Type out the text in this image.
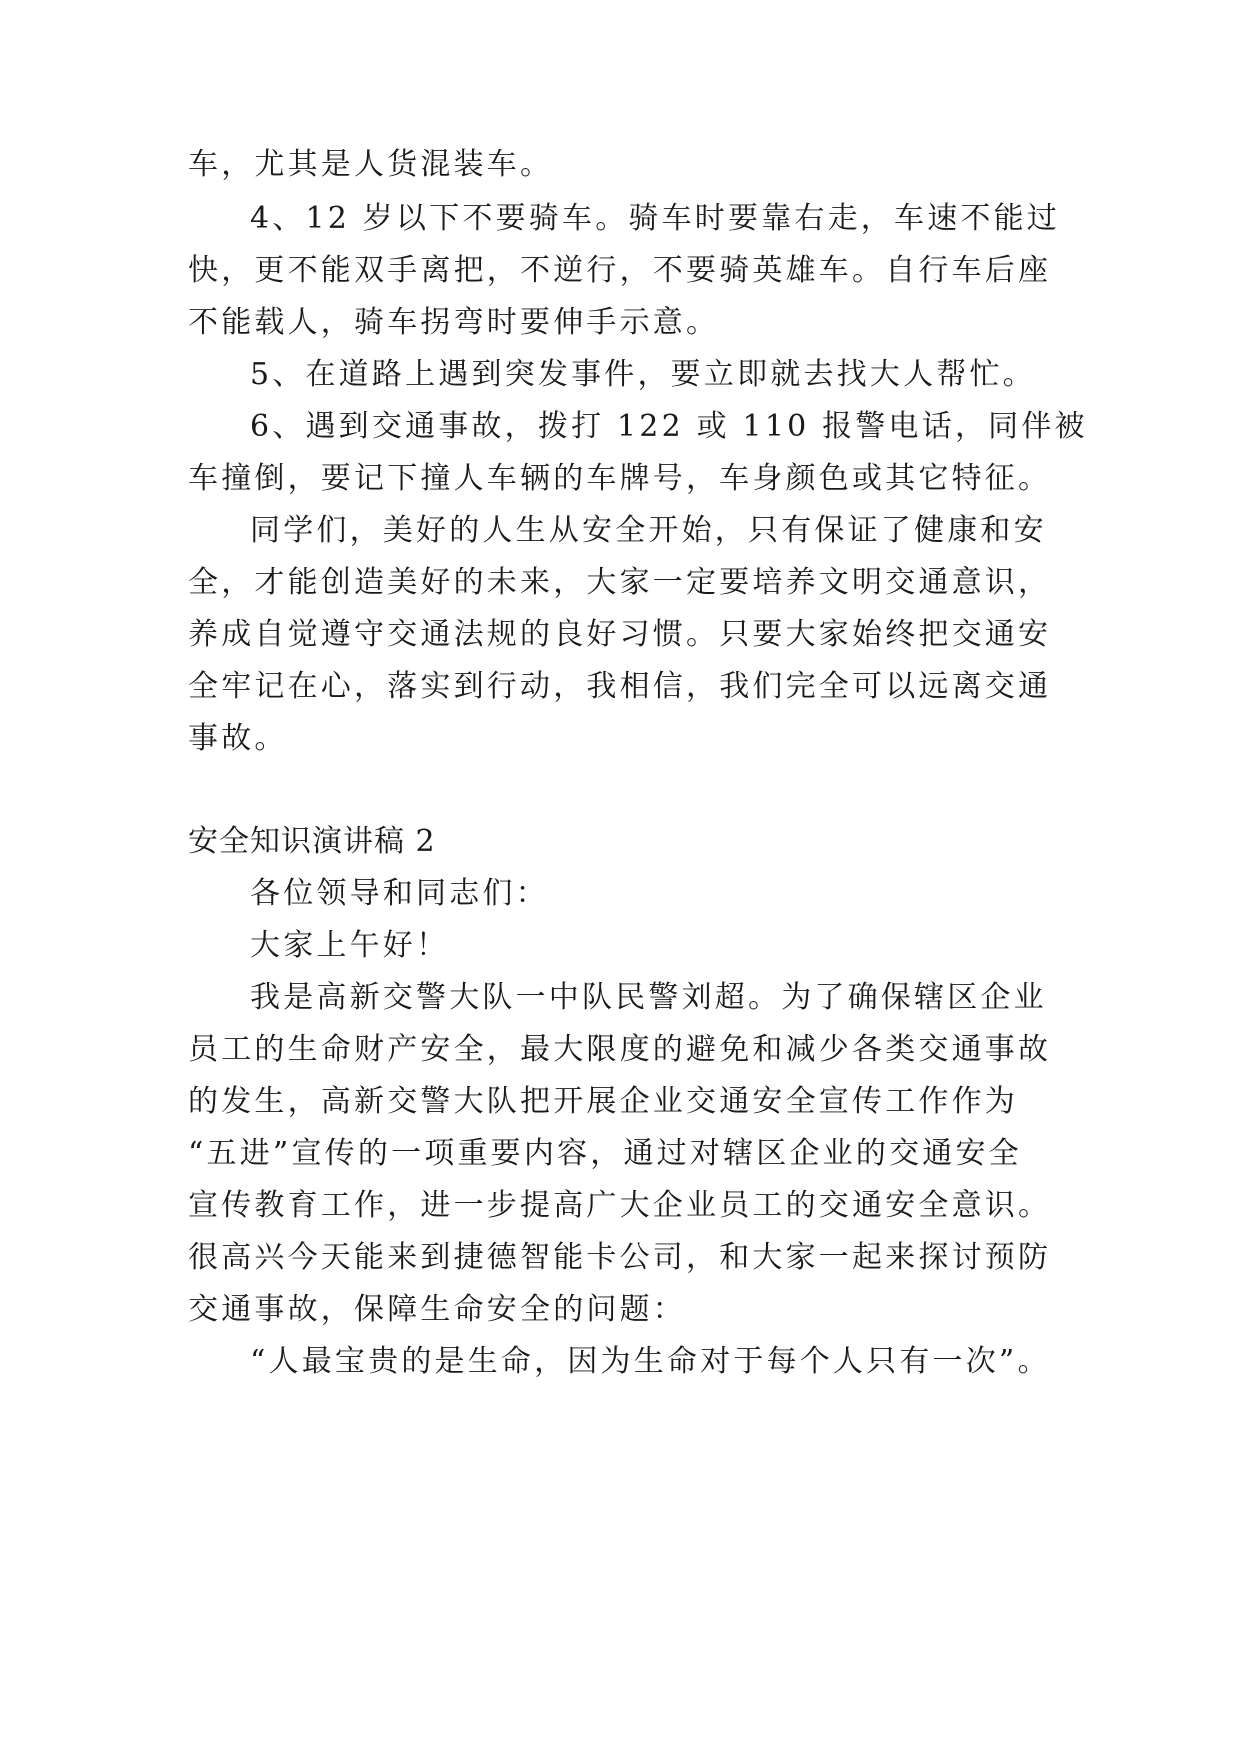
车，尤其是人货混装车。
4、12 岁以下不要骑车。骑车时要靠右走，车速不能过
快，更不能双手离把，不逆行，不要骑英雄车。自行车后座
不能载人，骑车拐弯时要伸手示意。
5、在道路上遇到突发事件，要立即就去找大人帮忙。
6、遇到交通事故，拨打 122 或 110 报警电话，同伴被
车撞倒，要记下撞人车辆的车牌号，车身颜色或其它特征。
同学们，美好的人生从安全开始，只有保证了健康和安
全，才能创造美好的未来，大家一定要培养文明交通意识，
养成自觉遵守交通法规的良好习惯。只要大家始终把交通安
全牢记在心，落实到行动，我相信，我们完全可以远离交通
事故。
安全知识演讲稿 2
各位领导和同志们：
大家上午好！
我是高新交警大队一中队民警刘超。为了确保辖区企业
员工的生命财产安全，最大限度的避免和减少各类交通事故
的发生，高新交警大队把开展企业交通安全宣传工作作为
“五进”宣传的一项重要内容，通过对辖区企业的交通安全
宣传教育工作，进一步提高广大企业员工的交通安全意识。
很高兴今天能来到捷德智能卡公司，和大家一起来探讨预防
交通事故，保障生命安全的问题：
“人最宝贵的是生命，因为生命对于每个人只有一次”。
